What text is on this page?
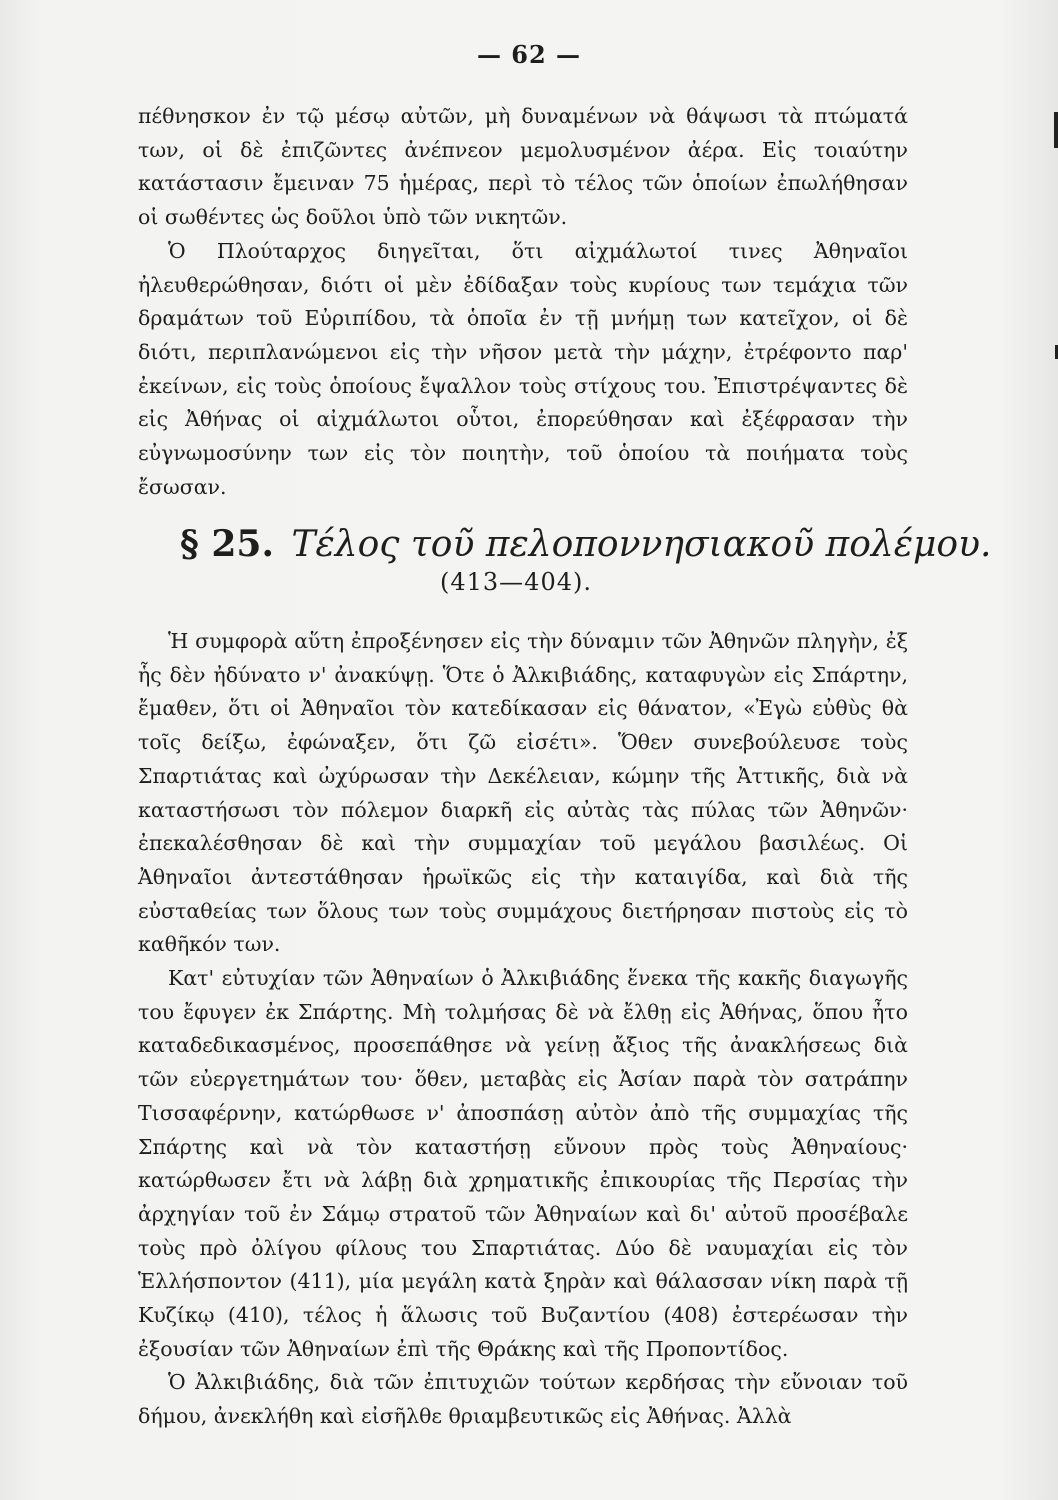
— 62 —

πέθνησκον ἐν τῷ μέσῳ αὐτῶν, μὴ δυναμένων νὰ θάψωσι τὰ πτώματά των, οἱ δὲ ἐπιζῶντες ἀνέπνεον μεμολυσμένον ἀέρα. Εἰς τοιαύτην κατάστασιν ἔμειναν 75 ἡμέρας, περὶ τὸ τέλος τῶν ὁποίων ἐπωλήθησαν οἱ σωθέντες ὡς δοῦλοι ὑπὸ τῶν νικητῶν.

Ὁ Πλούταρχος διηγεῖται, ὅτι αἰχμάλωτοί τινες Ἀθηναῖοι ἠλευθερώθησαν, διότι οἱ μὲν ἐδίδαξαν τοὺς κυρίους των τεμάχια τῶν δραμάτων τοῦ Εὐριπίδου, τὰ ὁποῖα ἐν τῇ μνήμῃ των κατεῖχον, οἱ δὲ διότι, περιπλανώμενοι εἰς τὴν νῆσον μετὰ τὴν μάχην, ἐτρέφοντο παρ' ἐκείνων, εἰς τοὺς ὁποίους ἔψαλλον τοὺς στίχους του. Ἐπιστρέψαντες δὲ εἰς Ἀθήνας οἱ αἰχμάλωτοι οὗτοι, ἐπορεύθησαν καὶ ἐξέφρασαν τὴν εὐγνωμοσύνην των εἰς τὸν ποιητὴν, τοῦ ὁποίου τὰ ποιήματα τοὺς ἔσωσαν.

§ 25. Τέλος τοῦ πελοποννησιακοῦ πολέμου.
(413—404).

Ἡ συμφορὰ αὕτη ἐπροξένησεν εἰς τὴν δύναμιν τῶν Ἀθηνῶν πληγὴν, ἐξ ἧς δὲν ἠδύνατο ν' ἀνακύψῃ. Ὅτε ὁ Ἀλκιβιάδης, καταφυγὼν εἰς Σπάρτην, ἔμαθεν, ὅτι οἱ Ἀθηναῖοι τὸν κατεδίκασαν εἰς θάνατον, «Ἐγὼ εὐθὺς θὰ τοῖς δείξω, ἐφώναξεν, ὅτι ζῶ εἰσέτι». Ὅθεν συνεβούλευσε τοὺς Σπαρτιάτας καὶ ὠχύρωσαν τὴν Δεκέλειαν, κώμην τῆς Ἀττικῆς, διὰ νὰ καταστήσωσι τὸν πόλεμον διαρκῆ εἰς αὐτὰς τὰς πύλας τῶν Ἀθηνῶν· ἐπεκαλέσθησαν δὲ καὶ τὴν συμμαχίαν τοῦ μεγάλου βασιλέως. Οἱ Ἀθηναῖοι ἀντεστάθησαν ἡρωϊκῶς εἰς τὴν καταιγίδα, καὶ διὰ τῆς εὐσταθείας των ὅλους των τοὺς συμμάχους διετήρησαν πιστοὺς εἰς τὸ καθῆκόν των.

Κατ' εὐτυχίαν τῶν Ἀθηναίων ὁ Ἀλκιβιάδης ἕνεκα τῆς κακῆς διαγωγῆς του ἔφυγεν ἐκ Σπάρτης. Μὴ τολμήσας δὲ νὰ ἔλθῃ εἰς Ἀθήνας, ὅπου ἦτο καταδεδικασμένος, προσεπάθησε νὰ γείνῃ ἄξιος τῆς ἀνακλήσεως διὰ τῶν εὐεργετημάτων του· ὅθεν, μεταβὰς εἰς Ἀσίαν παρὰ τὸν σατράπην Τισσαφέρνην, κατώρθωσε ν' ἀποσπάσῃ αὐτὸν ἀπὸ τῆς συμμαχίας τῆς Σπάρτης καὶ νὰ τὸν καταστήσῃ εὔνουν πρὸς τοὺς Ἀθηναίους· κατώρθωσεν ἔτι νὰ λάβῃ διὰ χρηματικῆς ἐπικουρίας τῆς Περσίας τὴν ἀρχηγίαν τοῦ ἐν Σάμῳ στρατοῦ τῶν Ἀθηναίων καὶ δι' αὐτοῦ προσέβαλε τοὺς πρὸ ὀλίγου φίλους του Σπαρτιάτας. Δύο δὲ ναυμαχίαι εἰς τὸν Ἑλλήσποντον (411), μία μεγάλη κατὰ ξηρὰν καὶ θάλασσαν νίκη παρὰ τῇ Κυζίκῳ (410), τέλος ἡ ἅλωσις τοῦ Βυζαντίου (408) ἐστερέωσαν τὴν ἐξουσίαν τῶν Ἀθηναίων ἐπὶ τῆς Θράκης καὶ τῆς Προποντίδος.

Ὁ Ἀλκιβιάδης, διὰ τῶν ἐπιτυχιῶν τούτων κερδήσας τὴν εὔνοιαν τοῦ δήμου, ἀνεκλήθη καὶ εἰσῆλθε θριαμβευτικῶς εἰς Ἀθήνας. Ἀλλὰ
